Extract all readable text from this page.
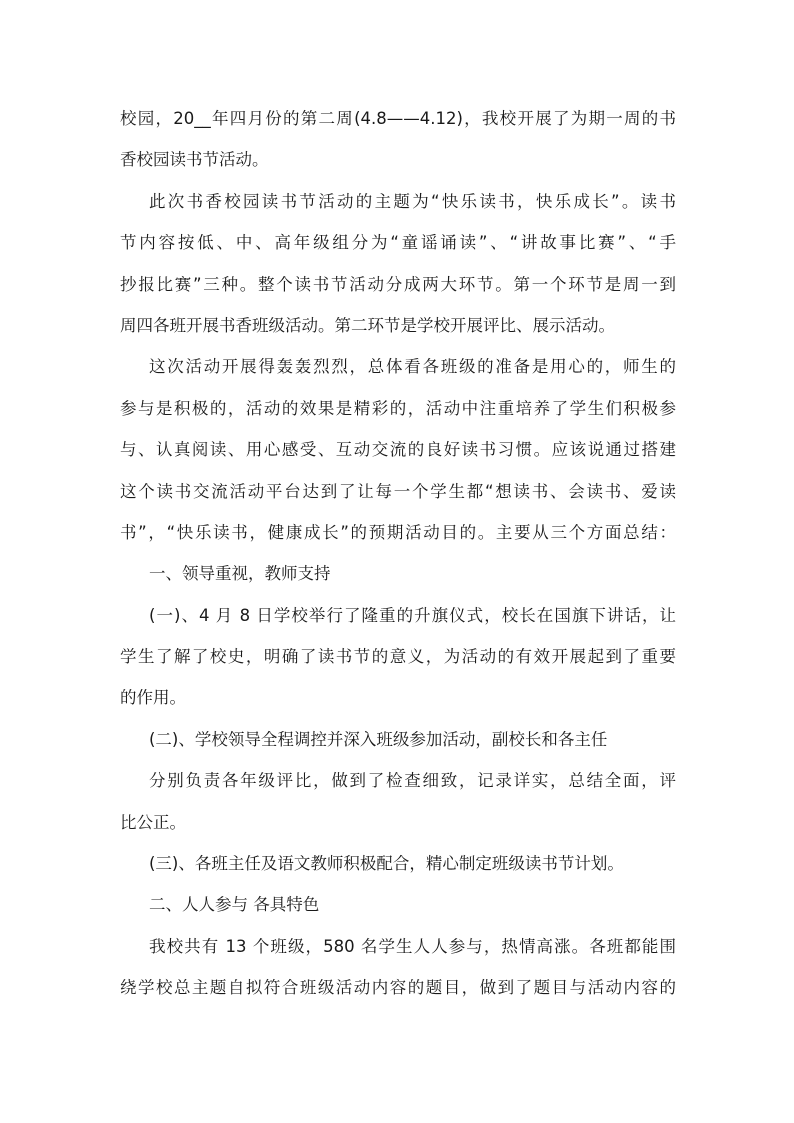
校园，20__年四月份的第二周(4.8——4.12)，我校开展了为期一周的书
香校园读书节活动。
此次书香校园读书节活动的主题为“快乐读书，快乐成长”。读书
节内容按低、中、高年级组分为“童谣诵读”、“讲故事比赛”、“手
抄报比赛”三种。整个读书节活动分成两大环节。第一个环节是周一到
周四各班开展书香班级活动。第二环节是学校开展评比、展示活动。
这次活动开展得轰轰烈烈，总体看各班级的准备是用心的，师生的
参与是积极的，活动的效果是精彩的，活动中注重培养了学生们积极参
与、认真阅读、用心感受、互动交流的良好读书习惯。应该说通过搭建
这个读书交流活动平台达到了让每一个学生都“想读书、会读书、爱读
书”，“快乐读书，健康成长”的预期活动目的。主要从三个方面总结：
一、领导重视，教师支持
(一)、4 月 8 日学校举行了隆重的升旗仪式，校长在国旗下讲话，让
学生了解了校史，明确了读书节的意义，为活动的有效开展起到了重要
的作用。
(二)、学校领导全程调控并深入班级参加活动，副校长和各主任
分别负责各年级评比，做到了检查细致，记录详实，总结全面，评
比公正。
(三)、各班主任及语文教师积极配合，精心制定班级读书节计划。
二、人人参与 各具特色
我校共有 13 个班级，580 名学生人人参与，热情高涨。各班都能围
绕学校总主题自拟符合班级活动内容的题目，做到了题目与活动内容的
